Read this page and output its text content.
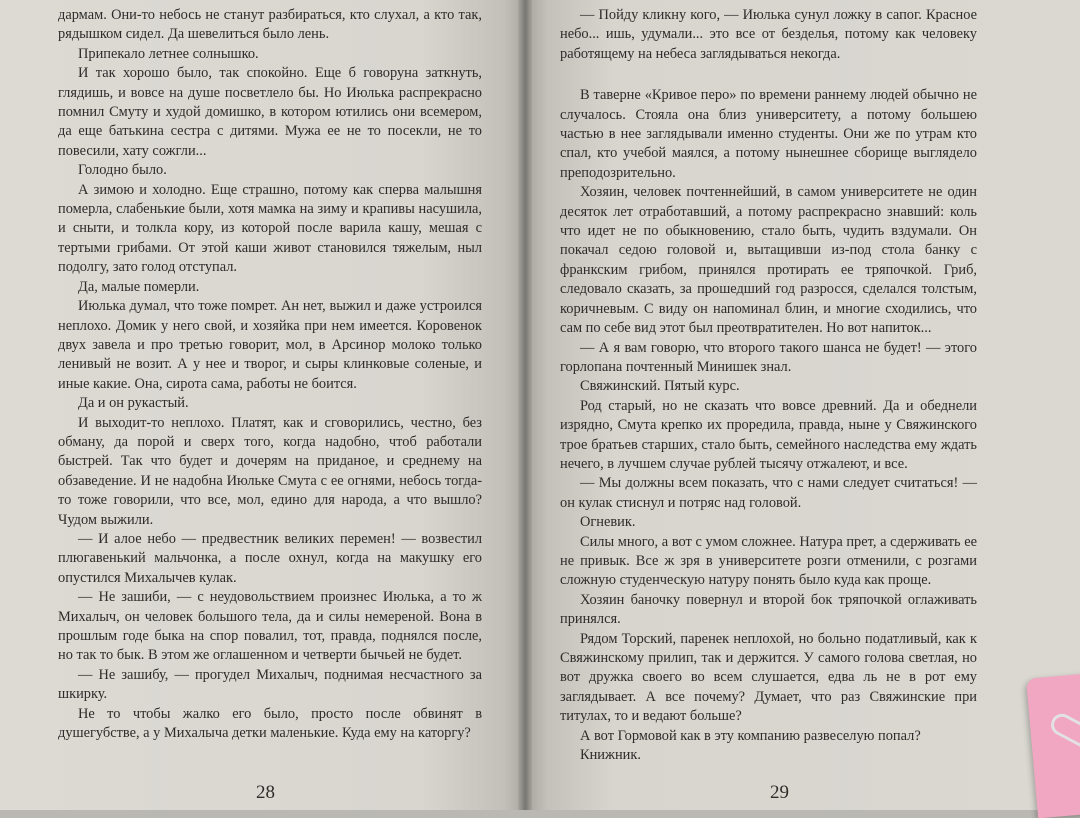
дармам. Они-то небось не станут разбираться, кто слухал, а кто так, рядышком сидел. Да шевелиться было лень.

Припекало летнее солнышко.

И так хорошо было, так спокойно. Еще б говоруна заткнуть, глядишь, и вовсе на душе посветлело бы. Но Июлька распрекрасно помнил Смуту и худой домишко, в котором ютились они всемером, да еще батькина сестра с дитями. Мужа ее не то посекли, не то повесили, хату сожгли...

Голодно было.

А зимою и холодно. Еще страшно, потому как сперва малышня померла, слабенькие были, хотя мамка на зиму и крапивы насушила, и сныти, и толкла кору, из которой после варила кашу, мешая с тертыми грибами. От этой каши живот становился тяжелым, ныл подолгу, зато голод отступал.

Да, малые померли.

Июлька думал, что тоже помрет. Ан нет, выжил и даже устроился неплохо. Домик у него свой, и хозяйка при нем имеется. Коровенок двух завела и про третью говорит, мол, в Арсинор молоко только ленивый не возит. А у нее и творог, и сыры клинковые соленые, и иные какие. Она, сирота сама, работы не боится.

Да и он рукастый.

И выходит-то неплохо. Платят, как и сговорились, честно, без обману, да порой и сверх того, когда надобно, чтоб работали быстрей. Так что будет и дочерям на приданое, и среднему на обзаведение. И не надобна Июльке Смута с ее огнями, небось тогда-то тоже говорили, что все, мол, едино для народа, а что вышло? Чудом выжили.

— И алое небо — предвестник великих перемен! — возвестил плюгавенький мальчонка, а после охнул, когда на макушку его опустился Михалычев кулак.

— Не зашиби, — с неудовольствием произнес Июлька, а то ж Михалыч, он человек большого тела, да и силы немереной. Вона в прошлым годе быка на спор повалил, тот, правда, поднялся после, но так то бык. В этом же оглашенном и четверти бычьей не будет.

— Не зашибу, — прогудел Михалыч, поднимая несчастного за шкирку.

Не то чтобы жалко его было, просто после обвинят в душегубстве, а у Михалыча детки маленькие. Куда ему на каторгу?

28

— Пойду кликну кого, — Июлька сунул ложку в сапог. Красное небо... ишь, удумали... это все от безделья, потому как человеку работящему на небеса заглядываться некогда.

В таверне «Кривое перо» по времени раннему людей обычно не случалось. Стояла она близ университету, а потому большею частью в нее заглядывали именно студенты. Они же по утрам кто спал, кто учебой маялся, а потому нынешнее сборище выглядело преподозрительно.

Хозяин, человек почтеннейший, в самом университете не один десяток лет отработавший, а потому распрекрасно знавший: коль что идет не по обыкновению, стало быть, чудить вздумали. Он покачал седою головой и, вытащивши из-под стола банку с франкским грибом, принялся протирать ее тряпочкой. Гриб, следовало сказать, за прошедший год разросся, сделался толстым, коричневым. С виду он напоминал блин, и многие сходились, что сам по себе вид этот был преотвратителен. Но вот напиток...

— А я вам говорю, что второго такого шанса не будет! — этого горлопана почтенный Минишек знал.

Свяжинский. Пятый курс.

Род старый, но не сказать что вовсе древний. Да и обеднели изрядно, Смута крепко их проредила, правда, ныне у Свяжинского трое братьев старших, стало быть, семейного наследства ему ждать нечего, в лучшем случае рублей тысячу отжалеют, и все.

— Мы должны всем показать, что с нами следует считаться! — он кулак стиснул и потряс над головой.

Огневик.

Силы много, а вот с умом сложнее. Натура прет, а сдерживать ее не привык. Все ж зря в университете розги отменили, с розгами сложную студенческую натуру понять было куда как проще.

Хозяин баночку повернул и второй бок тряпочкой оглаживать принялся.

Рядом Торский, паренек неплохой, но больно податливый, как к Свяжинскому прилип, так и держится. У самого голова светлая, но вот дружка своего во всем слушается, едва ль не в рот ему заглядывает. А все почему? Думает, что раз Свяжинские при титулах, то и ведают больше?

А вот Гормовой как в эту компанию развеселую попал?

Книжник.

29
